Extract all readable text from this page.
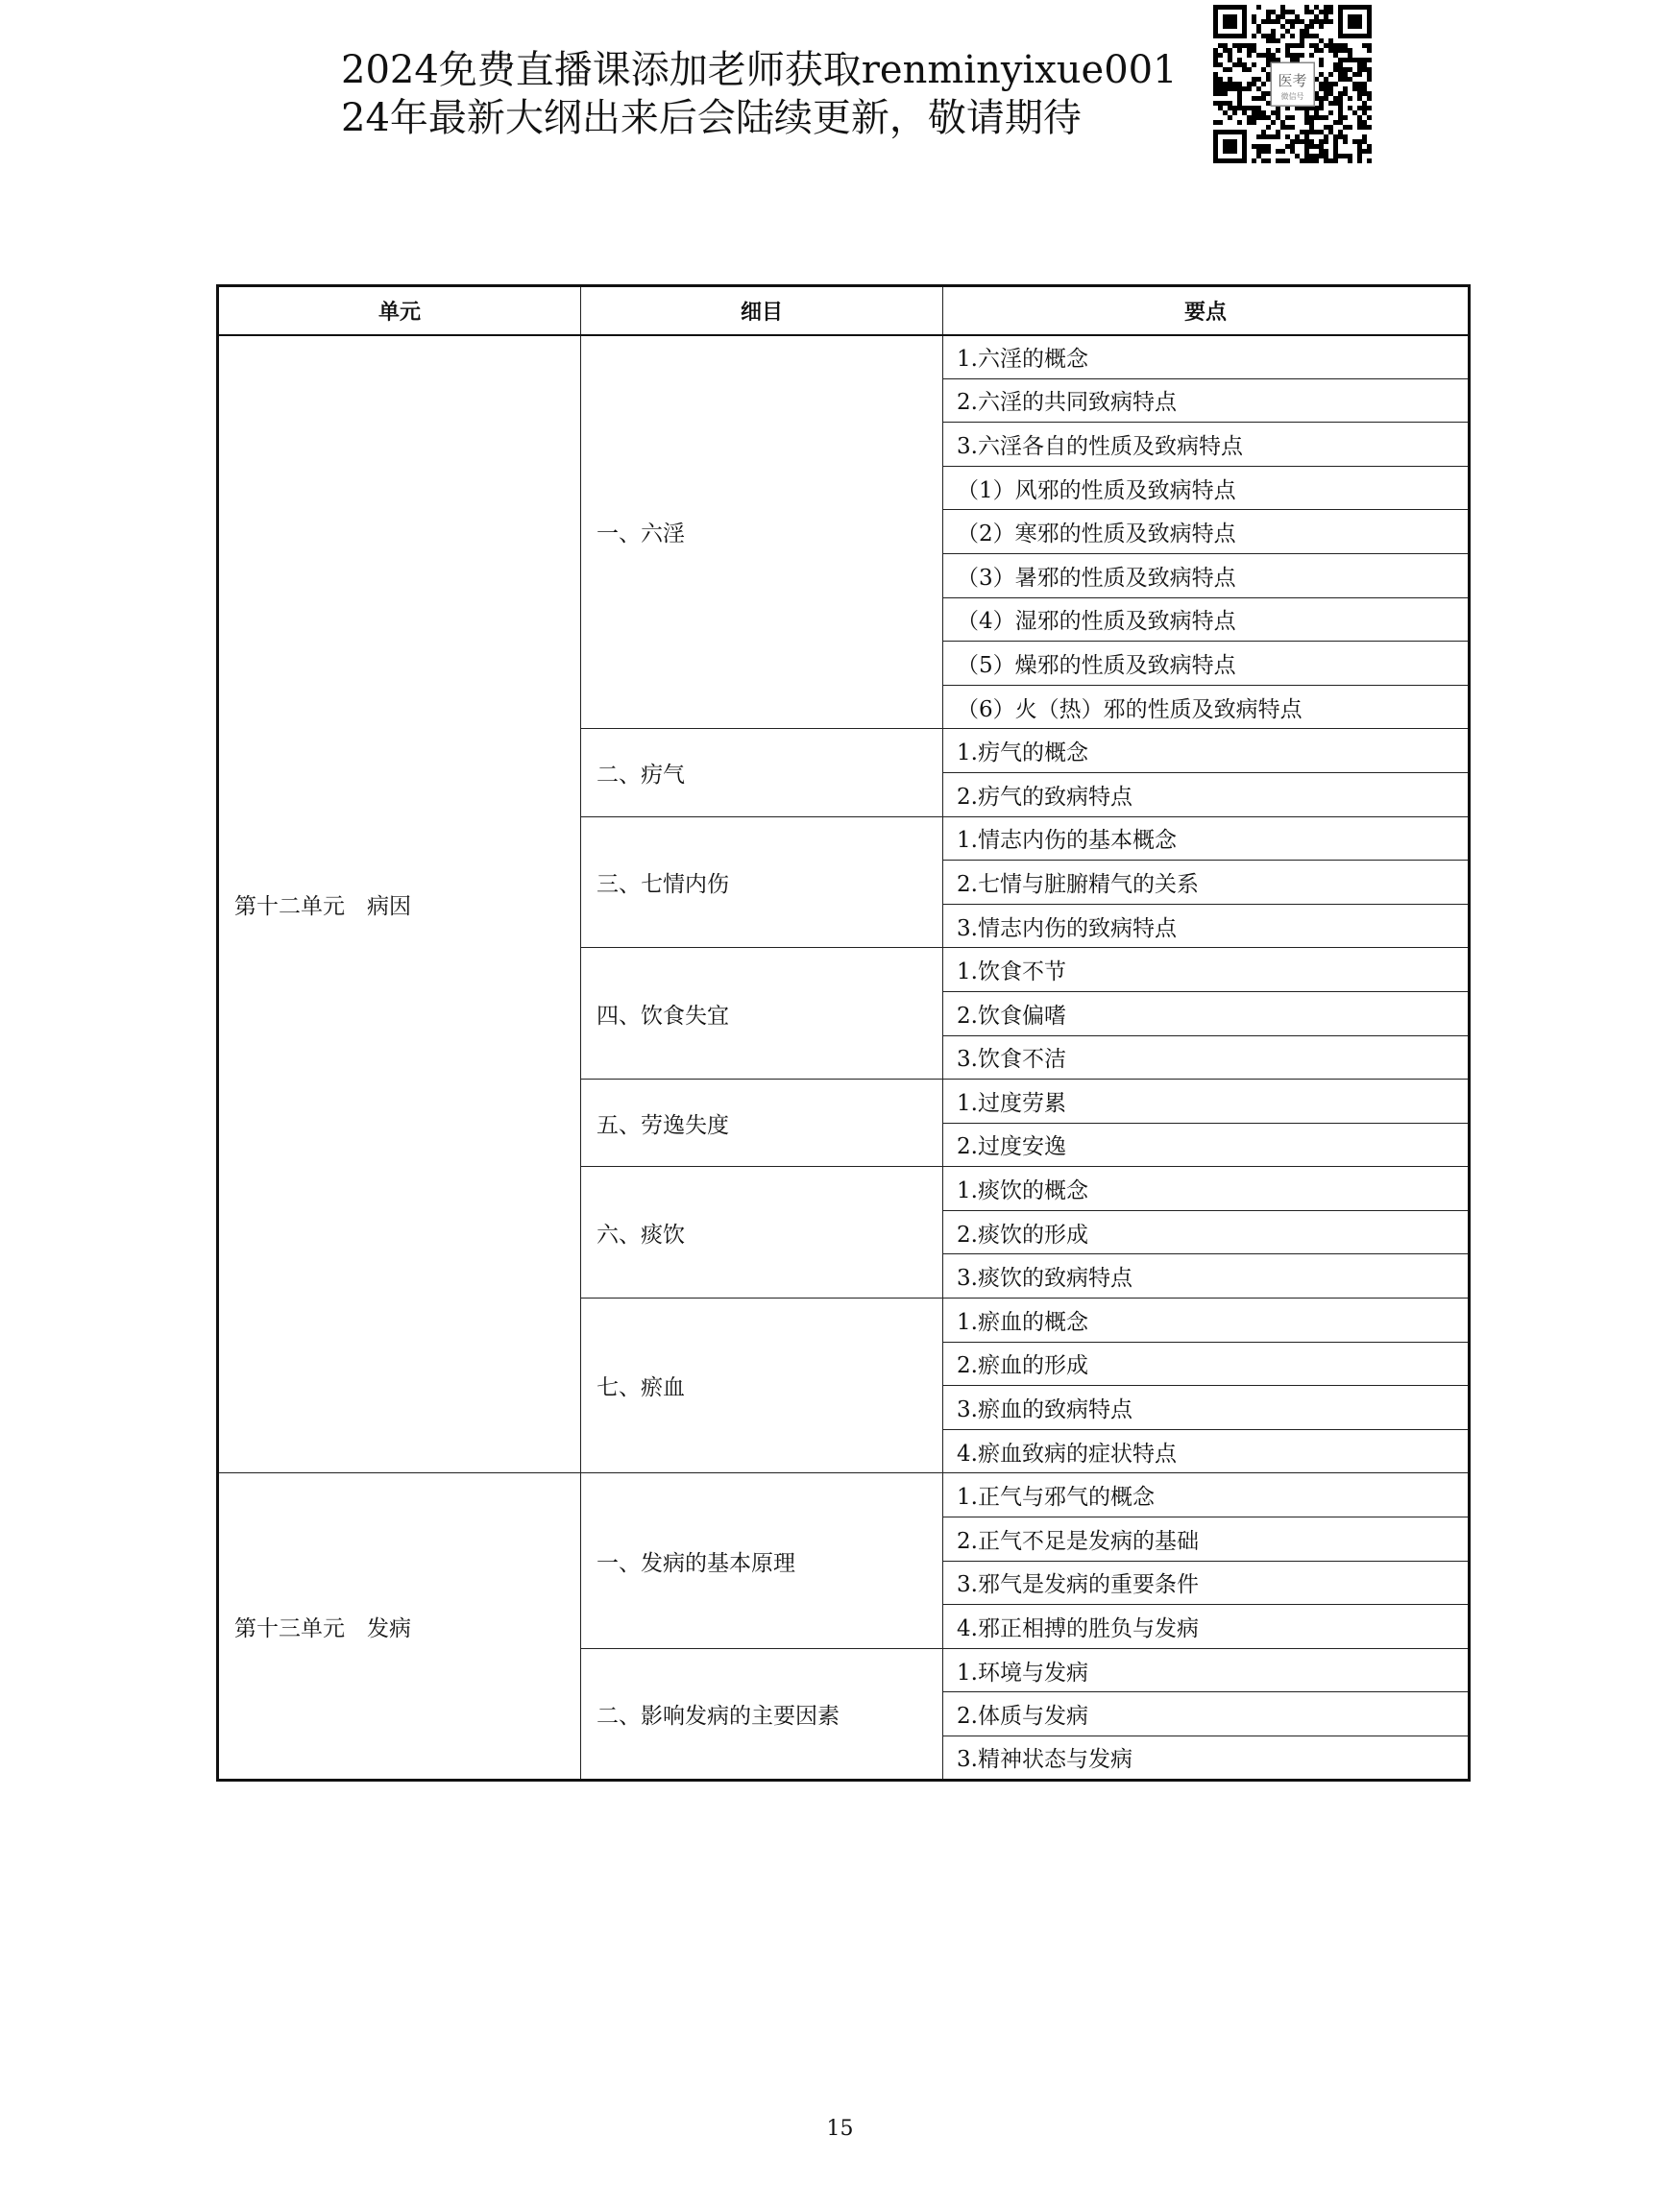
2024免费直播课添加老师获取renminyixue001
24年最新大纲出来后会陆续更新，敬请期待
医考
微信号
单元	细目	要点
第十二单元　病因	一、六淫	1.六淫的概念
		2.六淫的共同致病特点
		3.六淫各自的性质及致病特点
		（1）风邪的性质及致病特点
		（2）寒邪的性质及致病特点
		（3）暑邪的性质及致病特点
		（4）湿邪的性质及致病特点
		（5）燥邪的性质及致病特点
		（6）火（热）邪的性质及致病特点
	二、疠气	1.疠气的概念
		2.疠气的致病特点
	三、七情内伤	1.情志内伤的基本概念
		2.七情与脏腑精气的关系
		3.情志内伤的致病特点
	四、饮食失宜	1.饮食不节
		2.饮食偏嗜
		3.饮食不洁
	五、劳逸失度	1.过度劳累
		2.过度安逸
	六、痰饮	1.痰饮的概念
		2.痰饮的形成
		3.痰饮的致病特点
	七、瘀血	1.瘀血的概念
		2.瘀血的形成
		3.瘀血的致病特点
		4.瘀血致病的症状特点
第十三单元　发病	一、发病的基本原理	1.正气与邪气的概念
		2.正气不足是发病的基础
		3.邪气是发病的重要条件
		4.邪正相搏的胜负与发病
	二、影响发病的主要因素	1.环境与发病
		2.体质与发病
		3.精神状态与发病
15
